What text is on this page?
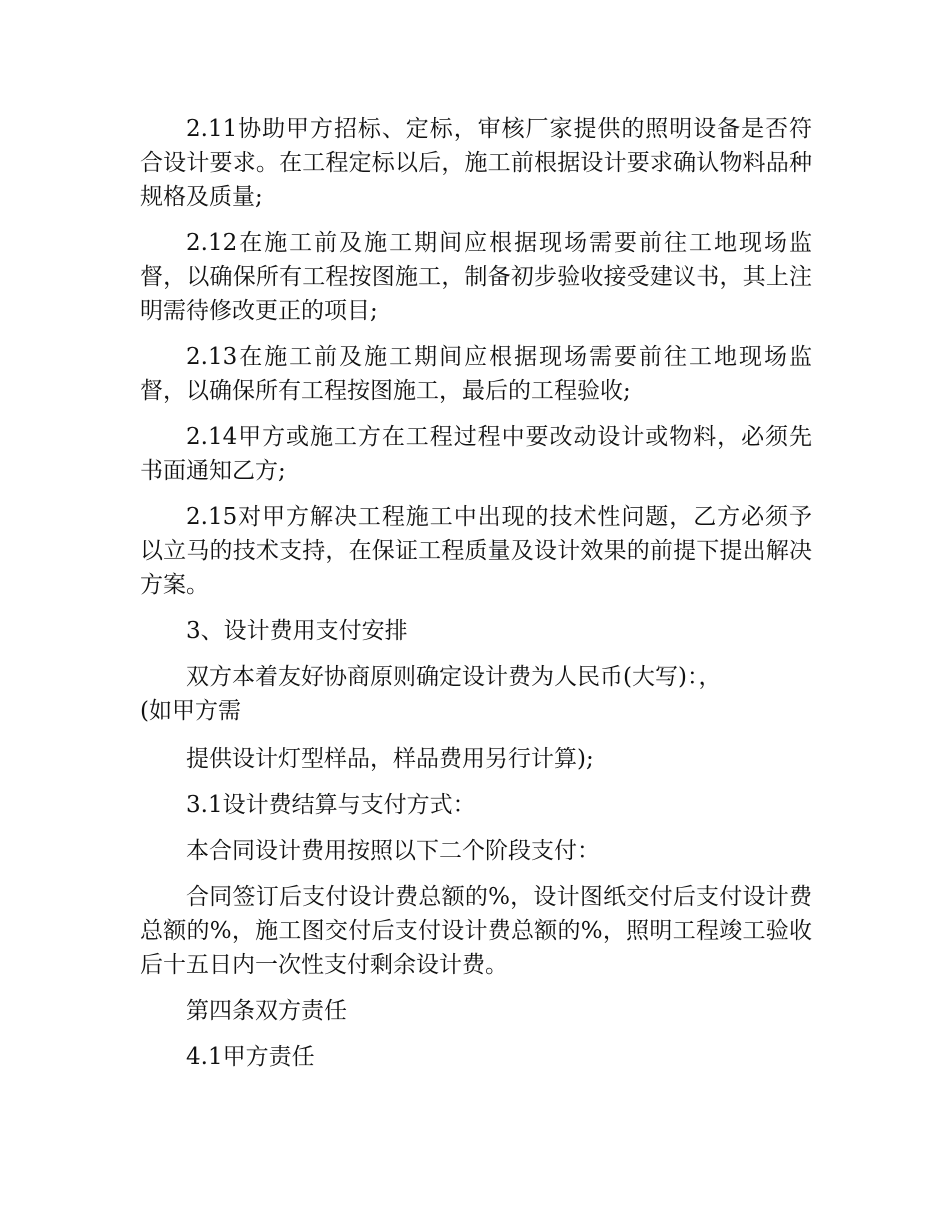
2.11协助甲方招标、定标，审核厂家提供的照明设备是否符合设计要求。在工程定标以后，施工前根据设计要求确认物料品种规格及质量;

2.12在施工前及施工期间应根据现场需要前往工地现场监督，以确保所有工程按图施工，制备初步验收接受建议书，其上注明需待修改更正的项目;

2.13在施工前及施工期间应根据现场需要前往工地现场监督，以确保所有工程按图施工，最后的工程验收;

2.14甲方或施工方在工程过程中要改动设计或物料，必须先书面通知乙方;

2.15对甲方解决工程施工中出现的技术性问题，乙方必须予以立马的技术支持，在保证工程质量及设计效果的前提下提出解决方案。

3、设计费用支付安排

双方本着友好协商原则确定设计费为人民币(大写)：，

(如甲方需

提供设计灯型样品，样品费用另行计算);

3.1设计费结算与支付方式：

本合同设计费用按照以下二个阶段支付：

合同签订后支付设计费总额的%，设计图纸交付后支付设计费总额的%，施工图交付后支付设计费总额的%，照明工程竣工验收后十五日内一次性支付剩余设计费。

第四条双方责任

4.1甲方责任
